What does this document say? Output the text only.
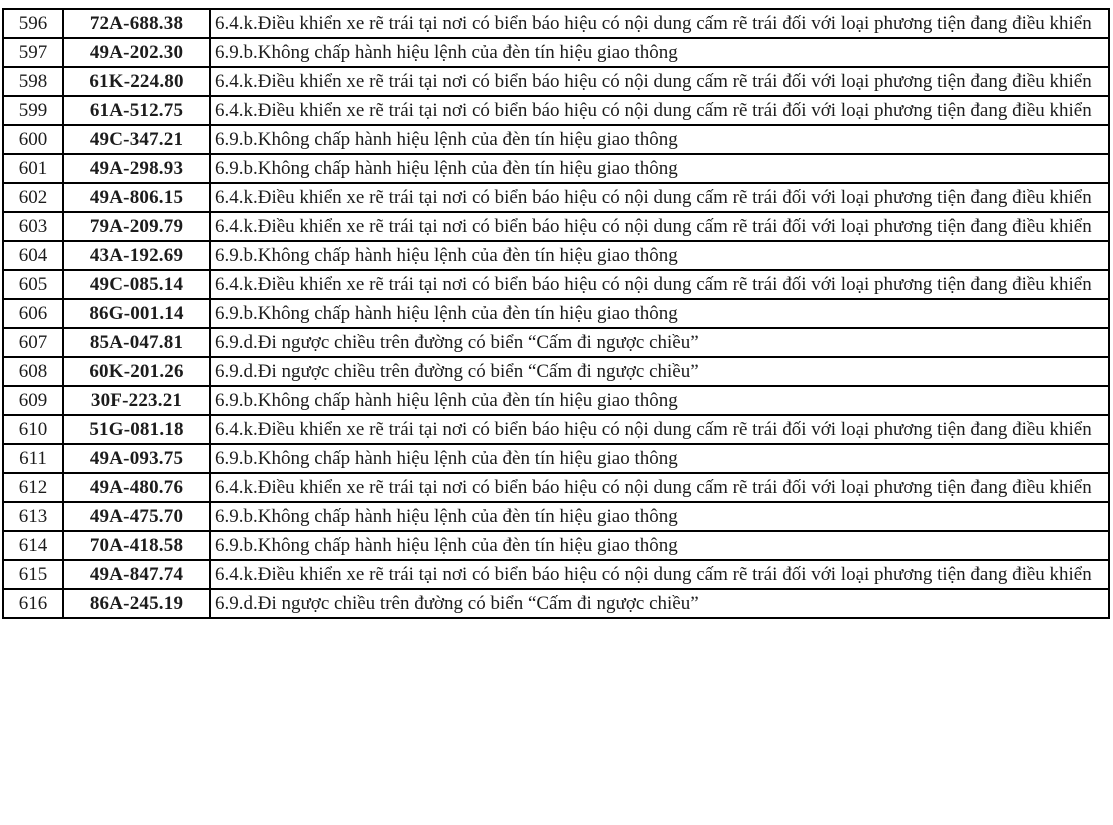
596	72A-688.38	6.4.k.Điều khiển xe rẽ trái tại nơi có biển báo hiệu có nội dung cấm rẽ trái đối với loại phương tiện đang điều khiển
597	49A-202.30	6.9.b.Không chấp hành hiệu lệnh của đèn tín hiệu giao thông
598	61K-224.80	6.4.k.Điều khiển xe rẽ trái tại nơi có biển báo hiệu có nội dung cấm rẽ trái đối với loại phương tiện đang điều khiển
599	61A-512.75	6.4.k.Điều khiển xe rẽ trái tại nơi có biển báo hiệu có nội dung cấm rẽ trái đối với loại phương tiện đang điều khiển
600	49C-347.21	6.9.b.Không chấp hành hiệu lệnh của đèn tín hiệu giao thông
601	49A-298.93	6.9.b.Không chấp hành hiệu lệnh của đèn tín hiệu giao thông
602	49A-806.15	6.4.k.Điều khiển xe rẽ trái tại nơi có biển báo hiệu có nội dung cấm rẽ trái đối với loại phương tiện đang điều khiển
603	79A-209.79	6.4.k.Điều khiển xe rẽ trái tại nơi có biển báo hiệu có nội dung cấm rẽ trái đối với loại phương tiện đang điều khiển
604	43A-192.69	6.9.b.Không chấp hành hiệu lệnh của đèn tín hiệu giao thông
605	49C-085.14	6.4.k.Điều khiển xe rẽ trái tại nơi có biển báo hiệu có nội dung cấm rẽ trái đối với loại phương tiện đang điều khiển
606	86G-001.14	6.9.b.Không chấp hành hiệu lệnh của đèn tín hiệu giao thông
607	85A-047.81	6.9.d.Đi ngược chiều trên đường có biển “Cấm đi ngược chiều”
608	60K-201.26	6.9.d.Đi ngược chiều trên đường có biển “Cấm đi ngược chiều”
609	30F-223.21	6.9.b.Không chấp hành hiệu lệnh của đèn tín hiệu giao thông
610	51G-081.18	6.4.k.Điều khiển xe rẽ trái tại nơi có biển báo hiệu có nội dung cấm rẽ trái đối với loại phương tiện đang điều khiển
611	49A-093.75	6.9.b.Không chấp hành hiệu lệnh của đèn tín hiệu giao thông
612	49A-480.76	6.4.k.Điều khiển xe rẽ trái tại nơi có biển báo hiệu có nội dung cấm rẽ trái đối với loại phương tiện đang điều khiển
613	49A-475.70	6.9.b.Không chấp hành hiệu lệnh của đèn tín hiệu giao thông
614	70A-418.58	6.9.b.Không chấp hành hiệu lệnh của đèn tín hiệu giao thông
615	49A-847.74	6.4.k.Điều khiển xe rẽ trái tại nơi có biển báo hiệu có nội dung cấm rẽ trái đối với loại phương tiện đang điều khiển
616	86A-245.19	6.9.d.Đi ngược chiều trên đường có biển “Cấm đi ngược chiều”
